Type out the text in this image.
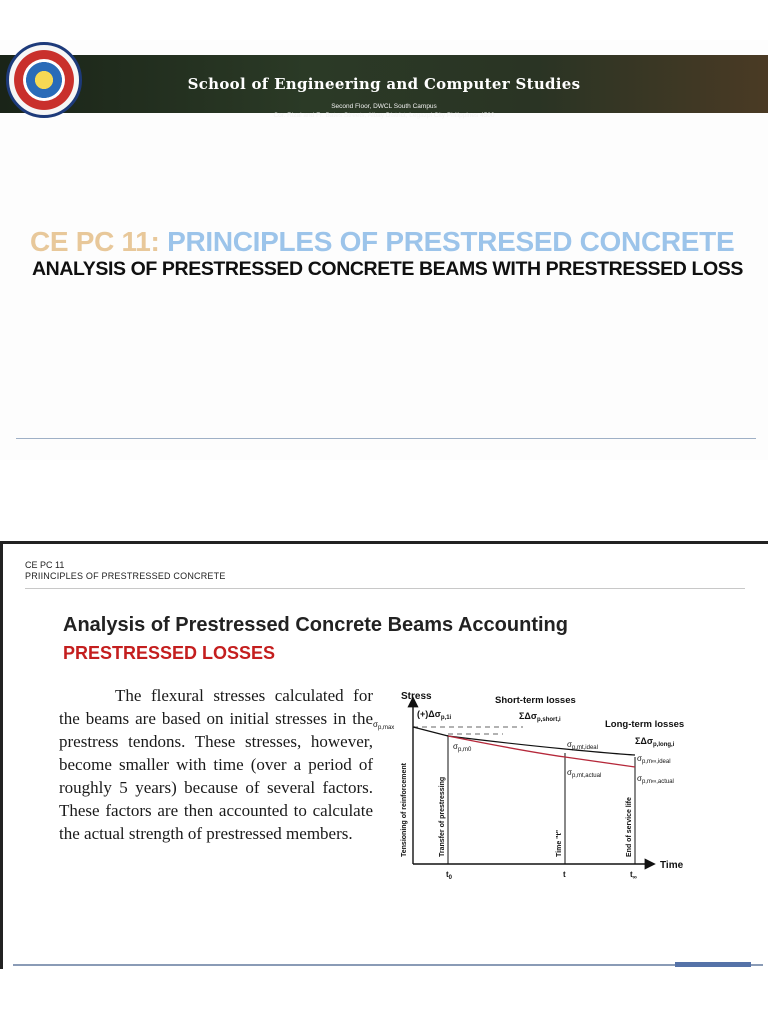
School of Engineering and Computer Studies
Second Floor, DWCL South Campus
Cor. Rizal and Fr. Bates Streets, Albay District, Legazpi City Philippines 4500
CE PC 11: PRINCIPLES OF PRESTRESED CONCRETE
ANALYSIS OF PRESTRESSED CONCRETE BEAMS WITH PRESTRESSED LOSS
CE PC 11
PRIINCIPLES OF PRESTRESSED CONCRETE
Analysis of Prestressed Concrete Beams Accounting
PRESTRESSED LOSSES
The flexural stresses calculated for the beams are based on initial stresses in the prestress tendons. These stresses, however, become smaller with time (over a period of roughly 5 years) because of several factors. These factors are then accounted to calculate the actual strength of prestressed members.
Stress
Time
$\sigma_{p,max}$
$(+)\Delta\sigma_{p,1i}$
Short-term losses
ΣΔσ$_{p,short,i}$	Long-term losses
ΣΔσ$_{p,long,i}$
$\sigma_{p,m0}$
$\sigma_{p,mt,ideal}$
$\sigma_{p,mt,actual}$
$\sigma_{p,m\infty,ideal}$
$\sigma_{p,m\infty,actual}$
Tensioning of reinforcement	Transfer of prestressing	Time "t"	End of service life
$t_0$	t	$t_\infty$
